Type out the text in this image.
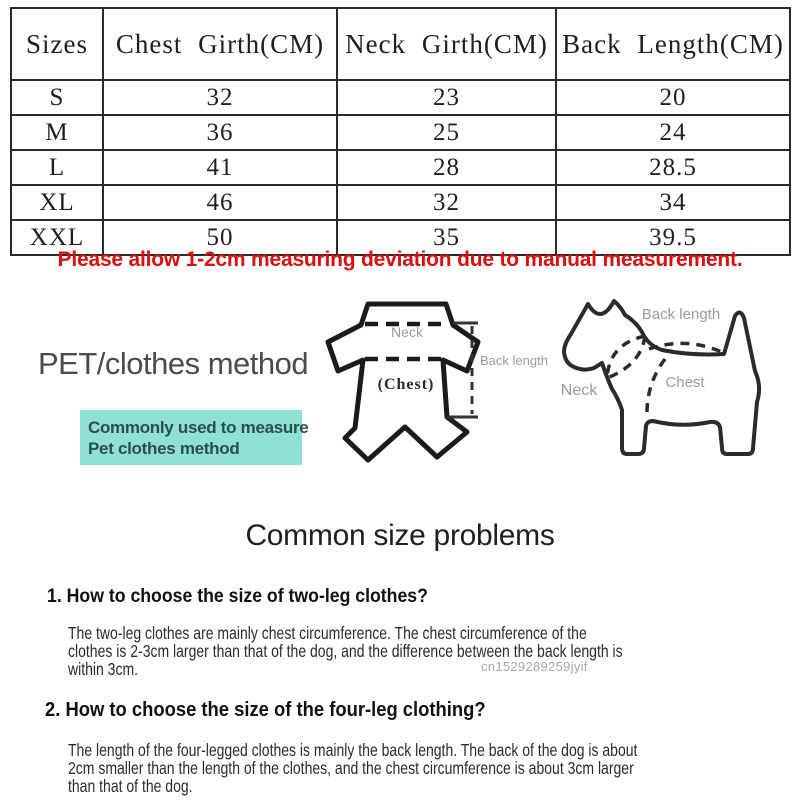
Sizes	Chest Girth(CM)	Neck Girth(CM)	Back Length(CM)
S	32	23	20
M	36	25	24
L	41	28	28.5
XL	46	32	34
XXL	50	35	39.5
Please allow 1-2cm measuring deviation due to manual measurement.
PET/clothes method
Commonly used to measure
Pet clothes method
Neck
(Chest)
Back length
Back length
Neck	Chest
Common size problems
1. How to choose the size of two-leg clothes?
The two-leg clothes are mainly chest circumference. The chest circumference of the
clothes is 2-3cm larger than that of the dog, and the difference between the back length is
within 3cm.	cn1529289259jyif
2. How to choose the size of the four-leg clothing?
The length of the four-legged clothes is mainly the back length. The back of the dog is about
2cm smaller than the length of the clothes, and the chest circumference is about 3cm larger
than that of the dog.
